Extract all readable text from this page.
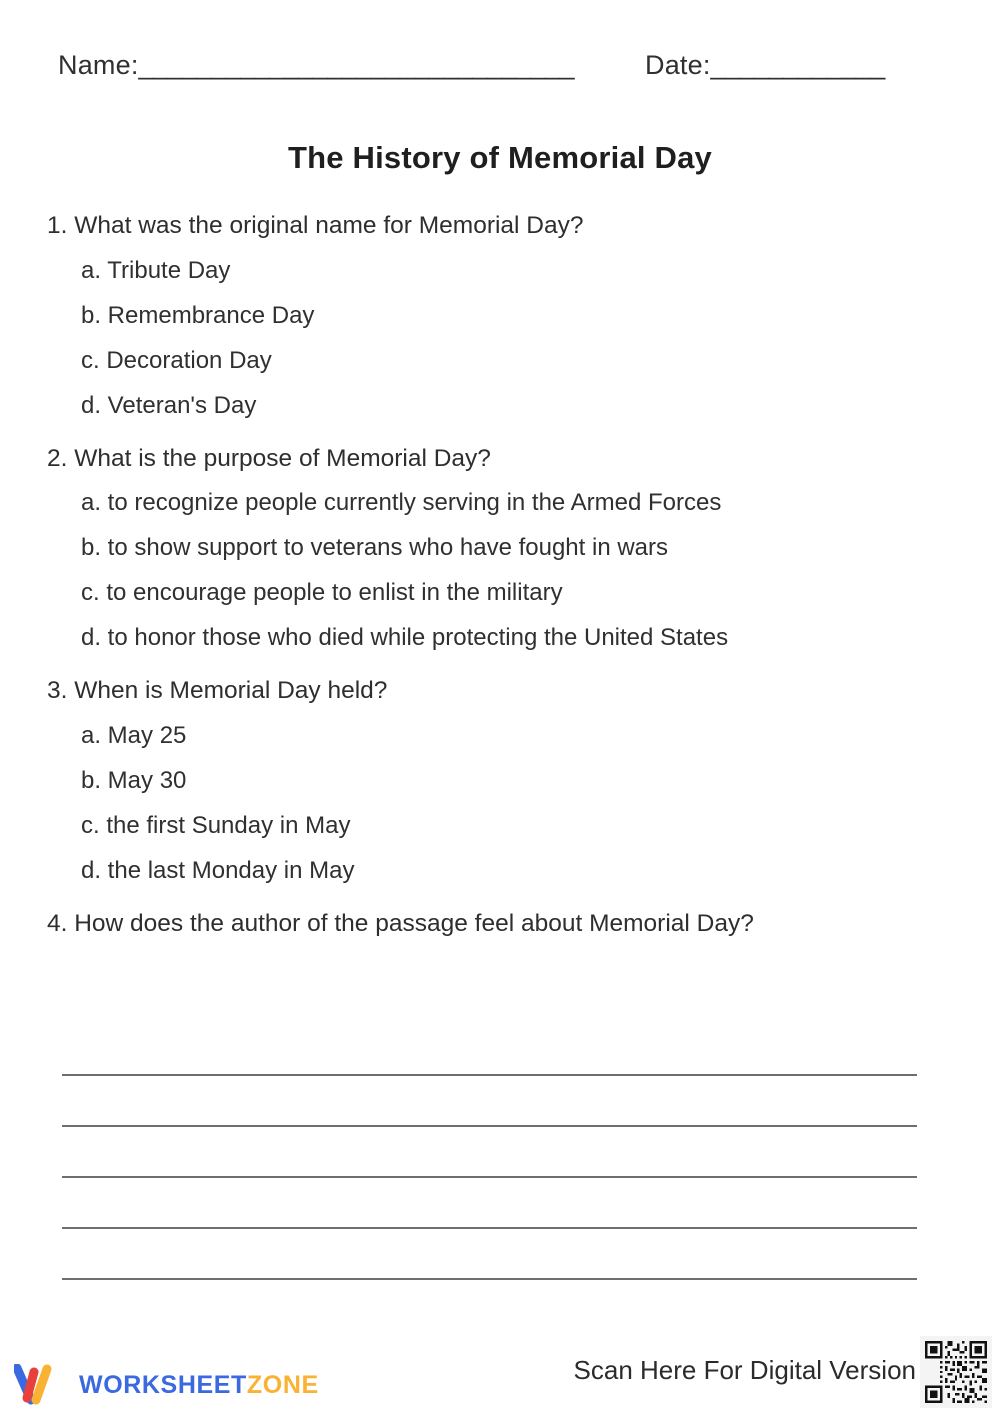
Name:______________________________	Date:____________
The History of Memorial Day
1. What was the original name for Memorial Day?
a. Tribute Day
b. Remembrance Day
c. Decoration Day
d. Veteran's Day
2. What is the purpose of Memorial Day?
a. to recognize people currently serving in the Armed Forces
b. to show support to veterans who have fought in wars
c. to encourage people to enlist in the military
d. to honor those who died while protecting the United States
3. When is Memorial Day held?
a. May 25
b. May 30
c. the first Sunday in May
d. the last Monday in May
4. How does the author of the passage feel about Memorial Day?
WORKSHEETZONE	Scan Here For Digital Version
